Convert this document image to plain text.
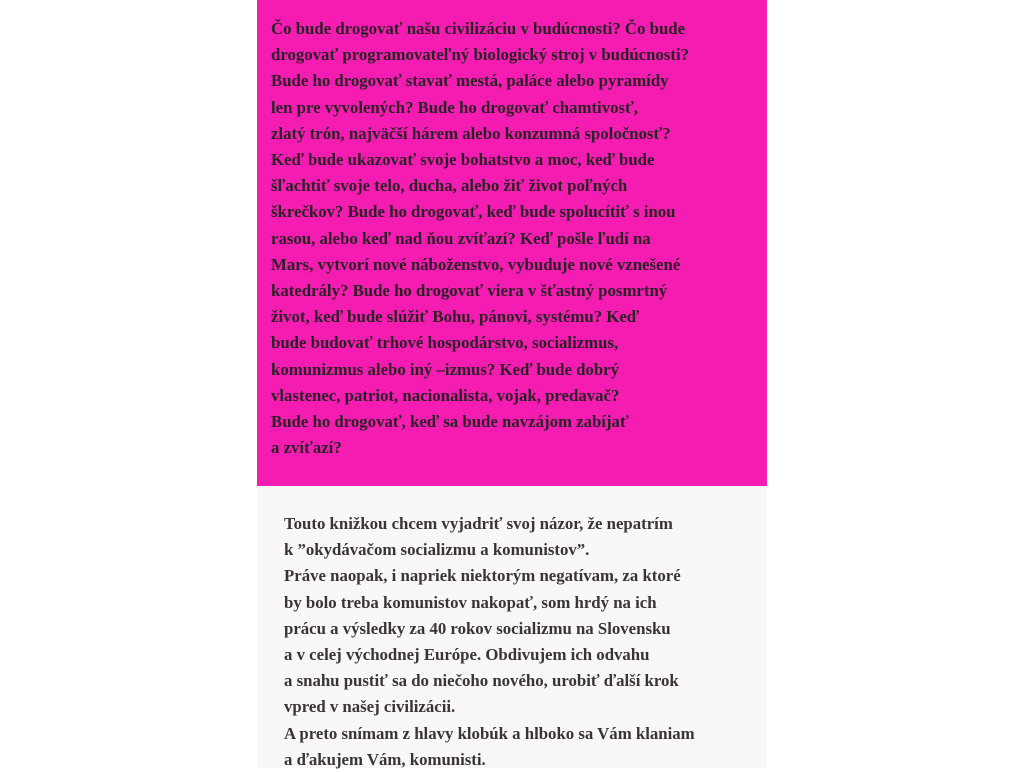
Čo bude drogovať našu civilizáciu v budúcnosti? Čo bude
drogovať programovateľný biologický stroj v budúcnosti?
Bude ho drogovať stavať mestá, paláce alebo pyramídy
len pre vyvolených? Bude ho drogovať chamtivosť,
zlatý trón, najväčší hárem alebo konzumná spoločnosť?
Keď bude ukazovať svoje bohatstvo a moc, keď bude
šľachtiť svoje telo, ducha, alebo žiť život poľných
škrečkov? Bude ho drogovať, keď bude spolucítiť s inou
rasou, alebo keď nad ňou zvíťazí? Keď pošle ľudí na
Mars, vytvorí nové náboženstvo, vybuduje nové vznešené
katedrály? Bude ho drogovať viera v šťastný posmrtný
život, keď bude slúžiť Bohu, pánovi, systému? Keď
bude budovať trhové hospodárstvo, socializmus,
komunizmus alebo iný –izmus? Keď bude dobrý
vlastenec, patriot, nacionalista, vojak, predavač?
Bude ho drogovať, keď sa bude navzájom zabíjať
a zvíťazí?

Touto knižkou chcem vyjadriť svoj názor, že nepatrím
k ”okydávačom socializmu a komunistov”.
Práve naopak, i napriek niektorým negatívam, za ktoré
by bolo treba komunistov nakopať, som hrdý na ich
prácu a výsledky za 40 rokov socializmu na Slovensku
a v celej východnej Európe. Obdivujem ich odvahu
a snahu pustiť sa do niečoho nového, urobiť ďalší krok
vpred v našej civilizácii.
A preto snímam z hlavy klobúk a hlboko sa Vám klaniam
a ďakujem Vám, komunisti.
